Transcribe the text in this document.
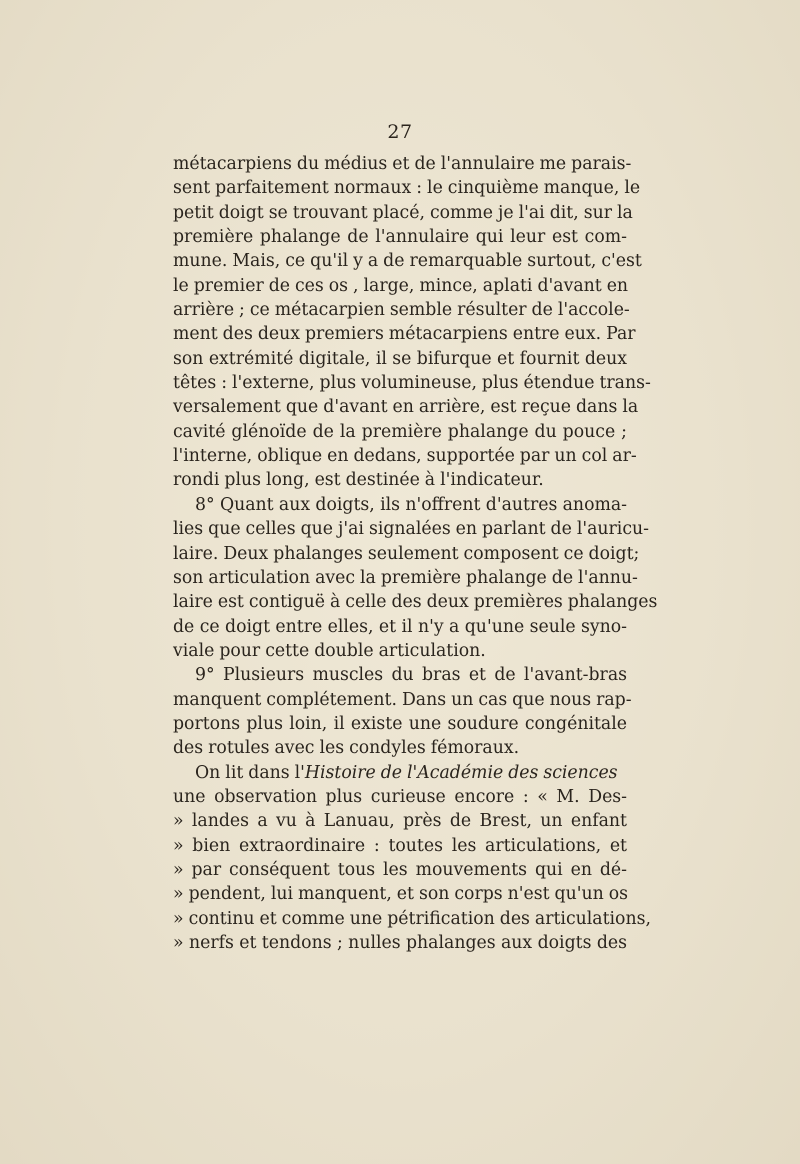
27
métacarpiens du médius et de l'annulaire me parais-
sent parfaitement normaux : le cinquième manque, le
petit doigt se trouvant placé, comme je l'ai dit, sur la
première phalange de l'annulaire qui leur est com-
mune. Mais, ce qu'il y a de remarquable surtout, c'est
le premier de ces os , large, mince, aplati d'avant en
arrière ; ce métacarpien semble résulter de l'accole-
ment des deux premiers métacarpiens entre eux. Par
son extrémité digitale, il se bifurque et fournit deux
têtes : l'externe, plus volumineuse, plus étendue trans-
versalement que d'avant en arrière, est reçue dans la
cavité glénoïde de la première phalange du pouce ;
l'interne, oblique en dedans, supportée par un col ar-
rondi plus long, est destinée à l'indicateur.
8° Quant aux doigts, ils n'offrent d'autres anoma-
lies que celles que j'ai signalées en parlant de l'auricu-
laire. Deux phalanges seulement composent ce doigt;
son articulation avec la première phalange de l'annu-
laire est contiguë à celle des deux premières phalanges
de ce doigt entre elles, et il n'y a qu'une seule syno-
viale pour cette double articulation.
9° Plusieurs muscles du bras et de l'avant-bras
manquent complétement. Dans un cas que nous rap-
portons plus loin, il existe une soudure congénitale
des rotules avec les condyles fémoraux.
On lit dans l'Histoire de l'Académie des sciences
une observation plus curieuse encore : « M. Des-
» landes a vu à Lanuau, près de Brest, un enfant
» bien extraordinaire : toutes les articulations, et
» par conséquent tous les mouvements qui en dé-
» pendent, lui manquent, et son corps n'est qu'un os
» continu et comme une pétrification des articulations,
» nerfs et tendons ; nulles phalanges aux doigts des
